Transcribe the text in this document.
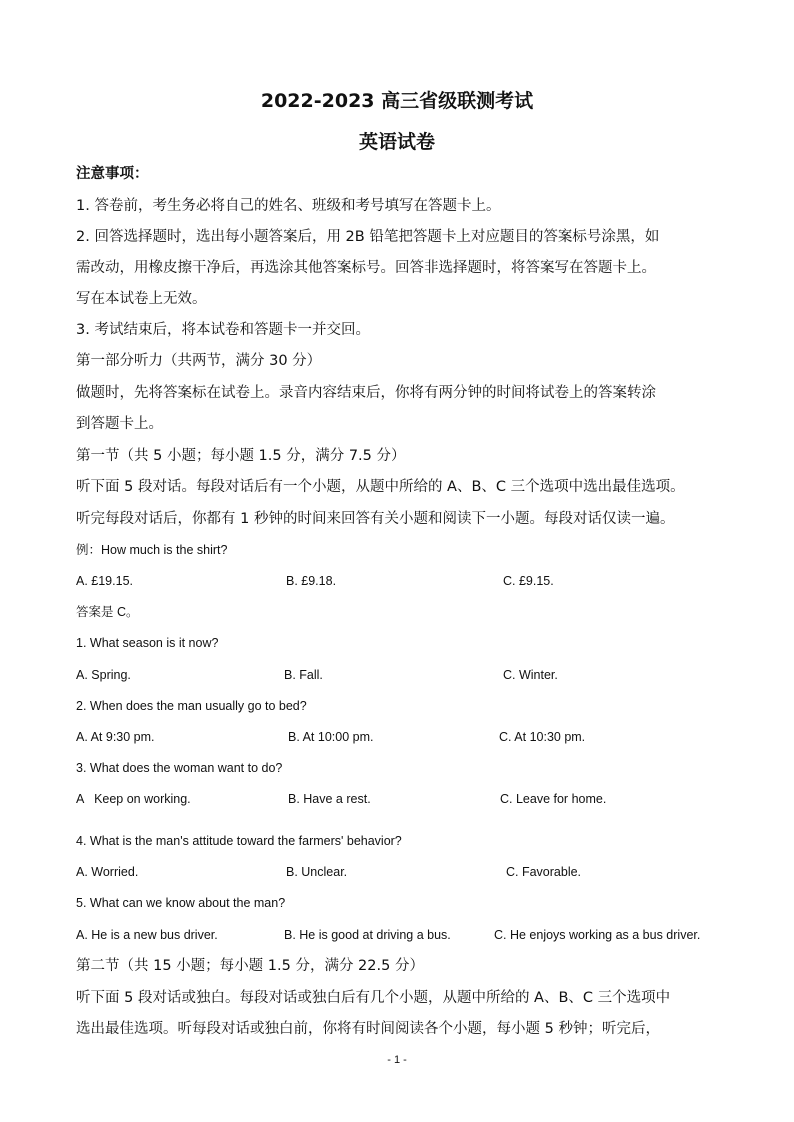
2022-2023 高三省级联测考试
英语试卷
注意事项：
1. 答卷前，考生务必将自己的姓名、班级和考号填写在答题卡上。
2. 回答选择题时，选出每小题答案后，用 2B 铅笔把答题卡上对应题目的答案标号涂黑，如
需改动，用橡皮擦干净后，再选涂其他答案标号。回答非选择题时，将答案写在答题卡上。
写在本试卷上无效。
3. 考试结束后，将本试卷和答题卡一并交回。
第一部分听力（共两节，满分 30 分）
做题时，先将答案标在试卷上。录音内容结束后，你将有两分钟的时间将试卷上的答案转涂
到答题卡上。
第一节（共 5 小题；每小题 1.5 分，满分 7.5 分）
听下面 5 段对话。每段对话后有一个小题，从题中所给的 A、B、C 三个选项中选出最佳选项。
听完每段对话后，你都有 1 秒钟的时间来回答有关小题和阅读下一小题。每段对话仅读一遍。
例：How much is the shirt?
A. £19.15.	B. £9.18.	C. £9.15.
答案是 C。
1. What season is it now?
A. Spring.	B. Fall.	C. Winter.
2. When does the man usually go to bed?
A. At 9:30 pm.	B. At 10:00 pm.	C. At 10:30 pm.
3. What does the woman want to do?
A   Keep on working.	B. Have a rest.	C. Leave for home.
4. What is the man's attitude toward the farmers' behavior?
A. Worried.	B. Unclear.	C. Favorable.
5. What can we know about the man?
A. He is a new bus driver.	B. He is good at driving a bus.	C. He enjoys working as a bus driver.
第二节（共 15 小题；每小题 1.5 分，满分 22.5 分）
听下面 5 段对话或独白。每段对话或独白后有几个小题，从题中所给的 A、B、C 三个选项中
选出最佳选项。听每段对话或独白前，你将有时间阅读各个小题，每小题 5 秒钟；听完后，
- 1 -
